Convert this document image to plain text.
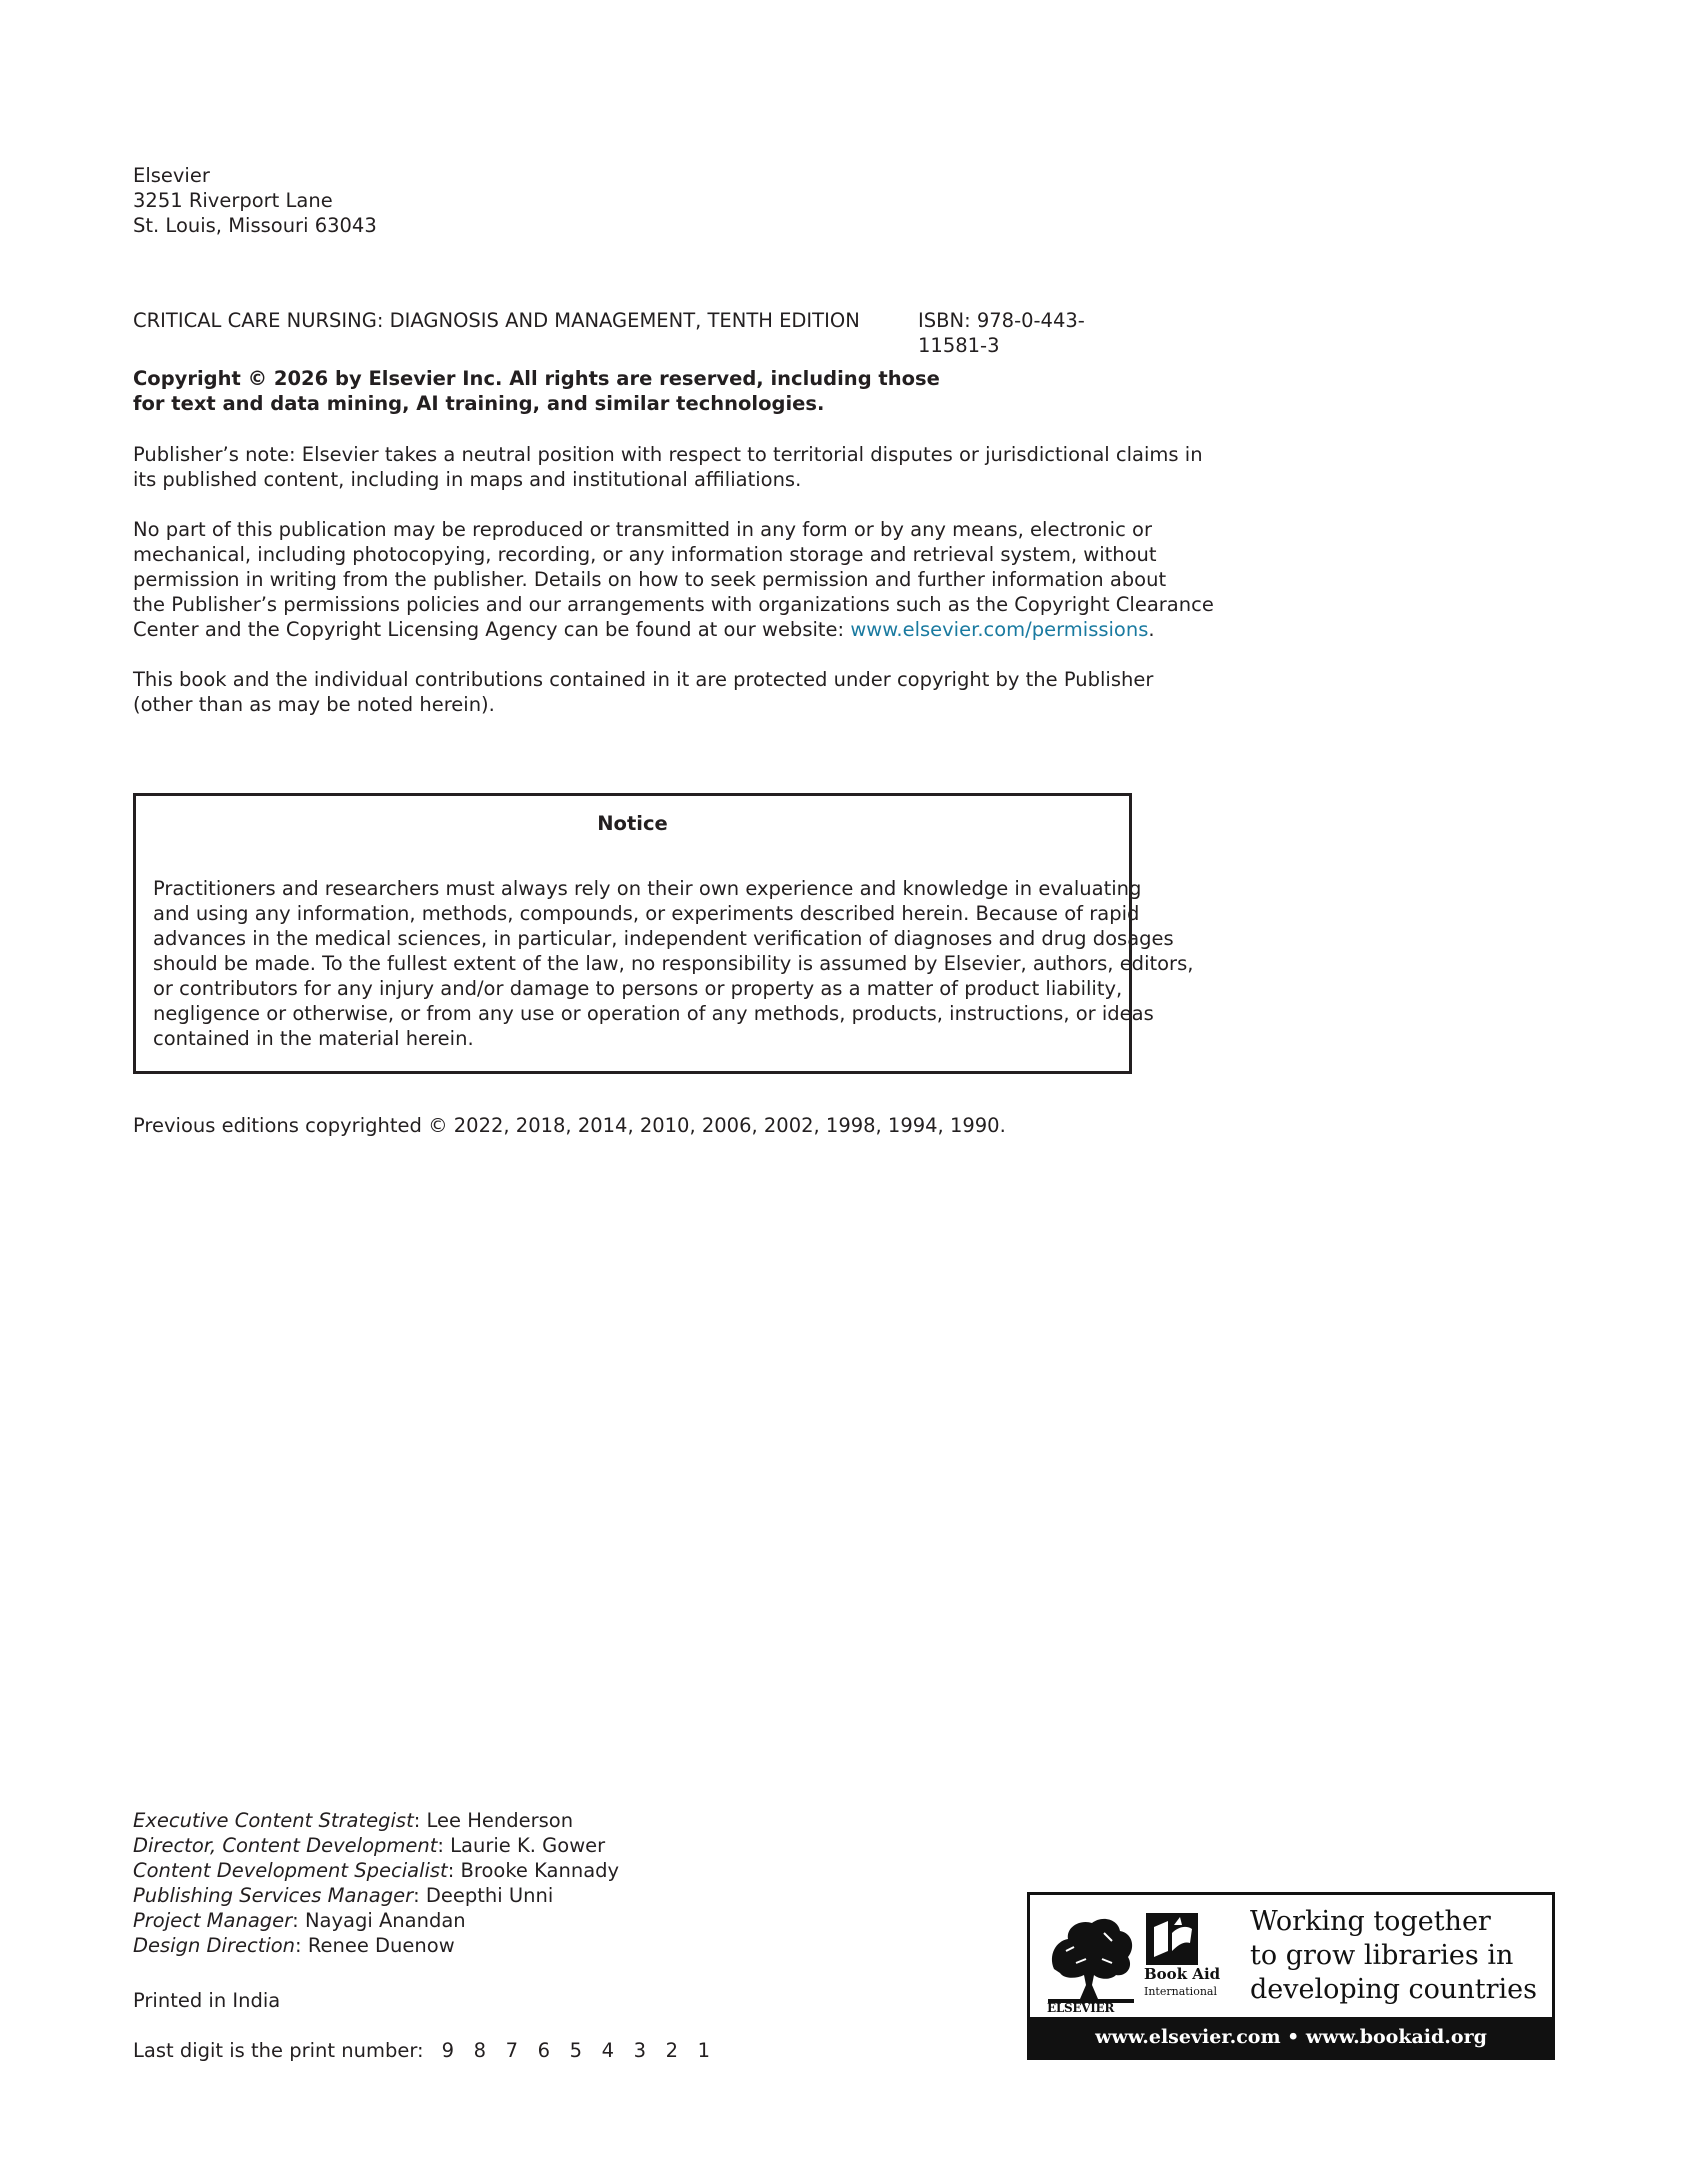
Elsevier
3251 Riverport Lane
St. Louis, Missouri 63043
CRITICAL CARE NURSING: DIAGNOSIS AND MANAGEMENT, TENTH EDITION	ISBN: 978-0-443-11581-3
Copyright © 2026 by Elsevier Inc. All rights are reserved, including those
for text and data mining, AI training, and similar technologies.
Publisher’s note: Elsevier takes a neutral position with respect to territorial disputes or jurisdictional claims in
its published content, including in maps and institutional affiliations.
No part of this publication may be reproduced or transmitted in any form or by any means, electronic or
mechanical, including photocopying, recording, or any information storage and retrieval system, without
permission in writing from the publisher. Details on how to seek permission and further information about
the Publisher’s permissions policies and our arrangements with organizations such as the Copyright Clearance
Center and the Copyright Licensing Agency can be found at our website: www.elsevier.com/permissions.
This book and the individual contributions contained in it are protected under copyright by the Publisher
(other than as may be noted herein).
Notice
Practitioners and researchers must always rely on their own experience and knowledge in evaluating
and using any information, methods, compounds, or experiments described herein. Because of rapid
advances in the medical sciences, in particular, independent verification of diagnoses and drug dosages
should be made. To the fullest extent of the law, no responsibility is assumed by Elsevier, authors, editors,
or contributors for any injury and/or damage to persons or property as a matter of product liability,
negligence or otherwise, or from any use or operation of any methods, products, instructions, or ideas
contained in the material herein.
Previous editions copyrighted © 2022, 2018, 2014, 2010, 2006, 2002, 1998, 1994, 1990.
Executive Content Strategist: Lee Henderson
Director, Content Development: Laurie K. Gower
Content Development Specialist: Brooke Kannady
Publishing Services Manager: Deepthi Unni
Project Manager: Nayagi Anandan
Design Direction: Renee Duenow
Printed in India
Last digit is the print number: 9 8 7 6 5 4 3 2 1
ELSEVIER
Book Aid
International
Working together
to grow libraries in
developing countries
www.elsevier.com • www.bookaid.org
